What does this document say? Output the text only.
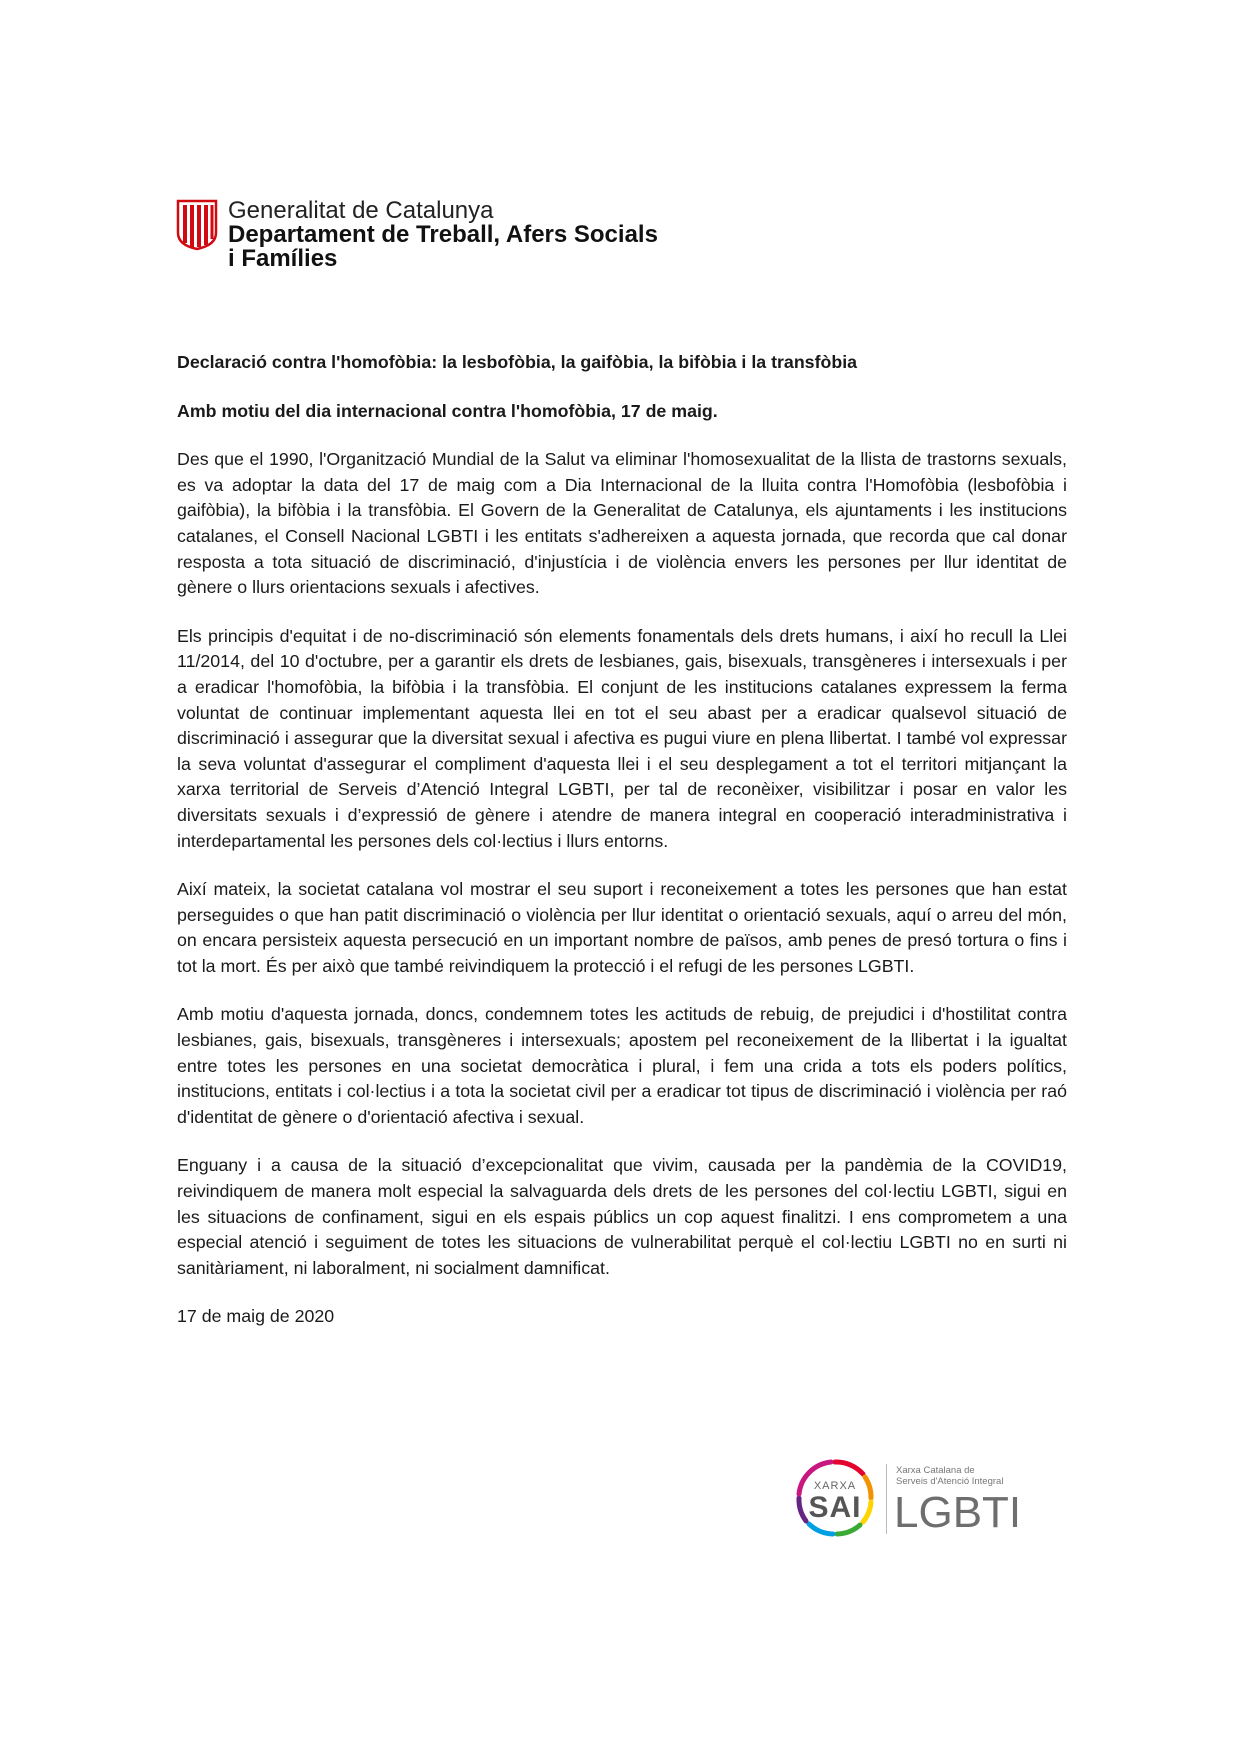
Generalitat de Catalunya
Departament de Treball, Afers Socials
i Famílies

Declaració contra l'homofòbia: la lesbofòbia, la gaifòbia, la bifòbia i la transfòbia

Amb motiu del dia internacional contra l'homofòbia, 17 de maig.

Des que el 1990, l'Organització Mundial de la Salut va eliminar l'homosexualitat de la llista de trastorns sexuals, es va adoptar la data del 17 de maig com a Dia Internacional de la lluita contra l'Homofòbia (lesbofòbia i gaifòbia), la bifòbia i la transfòbia. El Govern de la Generalitat de Catalunya, els ajuntaments i les institucions catalanes, el Consell Nacional LGBTI i les entitats s'adhereixen a aquesta jornada, que recorda que cal donar resposta a tota situació de discriminació, d'injustícia i de violència envers les persones per llur identitat de gènere o llurs orientacions sexuals i afectives.

Els principis d'equitat i de no-discriminació són elements fonamentals dels drets humans, i així ho recull la Llei 11/2014, del 10 d'octubre, per a garantir els drets de lesbianes, gais, bisexuals, transgèneres i intersexuals i per a eradicar l'homofòbia, la bifòbia i la transfòbia. El conjunt de les institucions catalanes expressem la ferma voluntat de continuar implementant aquesta llei en tot el seu abast per a eradicar qualsevol situació de discriminació i assegurar que la diversitat sexual i afectiva es pugui viure en plena llibertat. I també vol expressar la seva voluntat d'assegurar el compliment d'aquesta llei i el seu desplegament a tot el territori mitjançant la xarxa territorial de Serveis d’Atenció Integral LGBTI, per tal de reconèixer, visibilitzar i posar en valor les diversitats sexuals i d’expressió de gènere i atendre de manera integral en cooperació interadministrativa i interdepartamental les persones dels col·lectius i llurs entorns.

Així mateix, la societat catalana vol mostrar el seu suport i reconeixement a totes les persones que han estat perseguides o que han patit discriminació o violència per llur identitat o orientació sexuals, aquí o arreu del món, on encara persisteix aquesta persecució en un important nombre de països, amb penes de presó tortura o fins i tot la mort. És per això que també reivindiquem la protecció i el refugi de les persones LGBTI.

Amb motiu d'aquesta jornada, doncs, condemnem totes les actituds de rebuig, de prejudici i d'hostilitat contra lesbianes, gais, bisexuals, transgèneres i intersexuals; apostem pel reconeixement de la llibertat i la igualtat entre totes les persones en una societat democràtica i plural, i fem una crida a tots els poders polítics, institucions, entitats i col·lectius i a tota la societat civil per a eradicar tot tipus de discriminació i violència per raó d'identitat de gènere o d'orientació afectiva i sexual.

Enguany i a causa de la situació d’excepcionalitat que vivim, causada per la pandèmia de la COVID19, reivindiquem de manera molt especial la salvaguarda dels drets de les persones del col·lectiu LGBTI, sigui en les situacions de confinament, sigui en els espais públics un cop aquest finalitzi. I ens comprometem a una especial atenció i seguiment de totes les situacions de vulnerabilitat perquè el col·lectiu LGBTI no en surti ni sanitàriament, ni laboralment, ni socialment damnificat.

17 de maig de 2020

XARXA
SAI
Xarxa Catalana de
Serveis d'Atenció Integral
LGBTI
